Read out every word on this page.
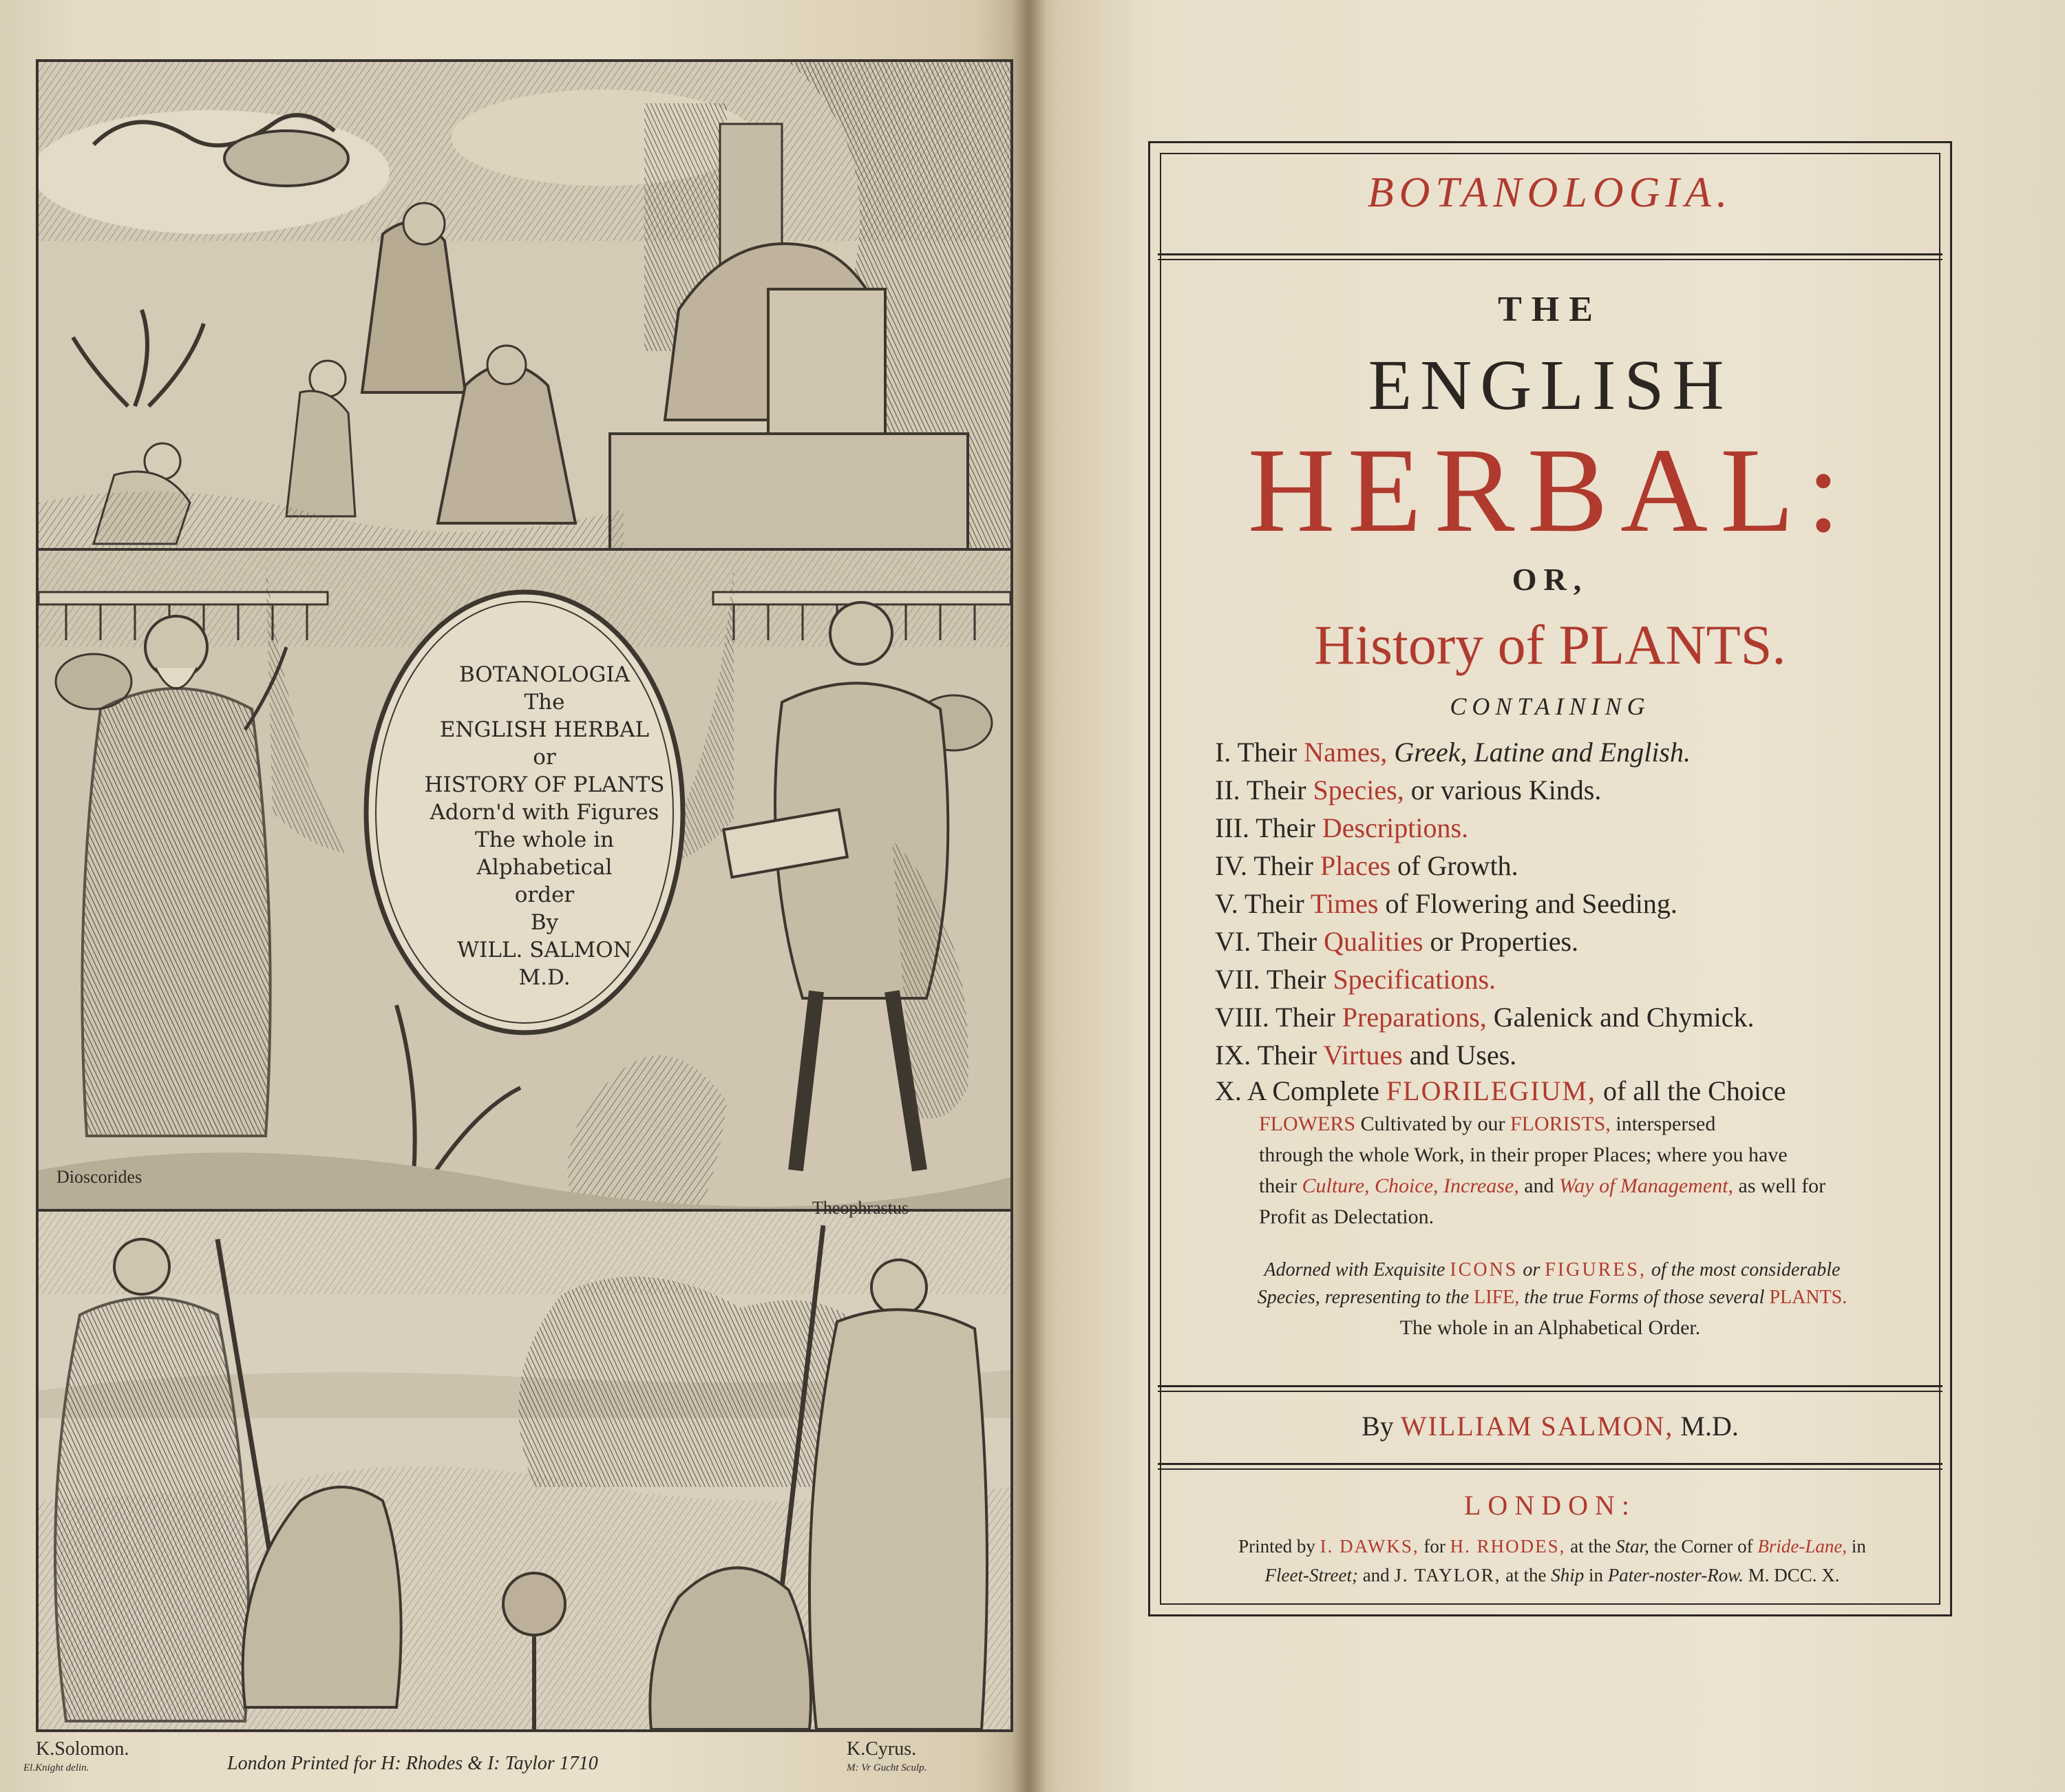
BOTANOLOGIA
The
ENGLISH HERBAL
or
HISTORY OF PLANTS
Adorn'd with Figures
The whole in Alphabetical
order
By
WILL. SALMON
M.D.
Dioscorides
Theophrastus
K.Solomon.
El.Knight delin.	London Printed for H: Rhodes & I: Taylor 1710
K.Cyrus.
M: Vr Gucht Sculp.
BOTANOLOGIA.
THE
ENGLISH
HERBAL:
OR,
History of PLANTS.
CONTAINING
I. Their Names, Greek, Latine and English.
II. Their Species, or various Kinds.
III. Their Descriptions.
IV. Their Places of Growth.
V. Their Times of Flowering and Seeding.
VI. Their Qualities or Properties.
VII. Their Specifications.
VIII. Their Preparations, Galenick and Chymick.
IX. Their Virtues and Uses.
X. A Complete FLORILEGIUM, of all the Choice
FLOWERS Cultivated by our FLORISTS, interspersed
through the whole Work, in their proper Places; where you have
their Culture, Choice, Increase, and Way of Management, as well for
Profit as Delectation.
Adorned with Exquisite ICONS or FIGURES, of the most considerable
Species, representing to the LIFE, the true Forms of those several PLANTS.
The whole in an Alphabetical Order.
By WILLIAM SALMON, M.D.
LONDON:
Printed by I. DAWKS, for H. RHODES, at the Star, the Corner of Bride-Lane, in
Fleet-Street; and J. TAYLOR, at the Ship in Pater-noster-Row. M. DCC. X.
